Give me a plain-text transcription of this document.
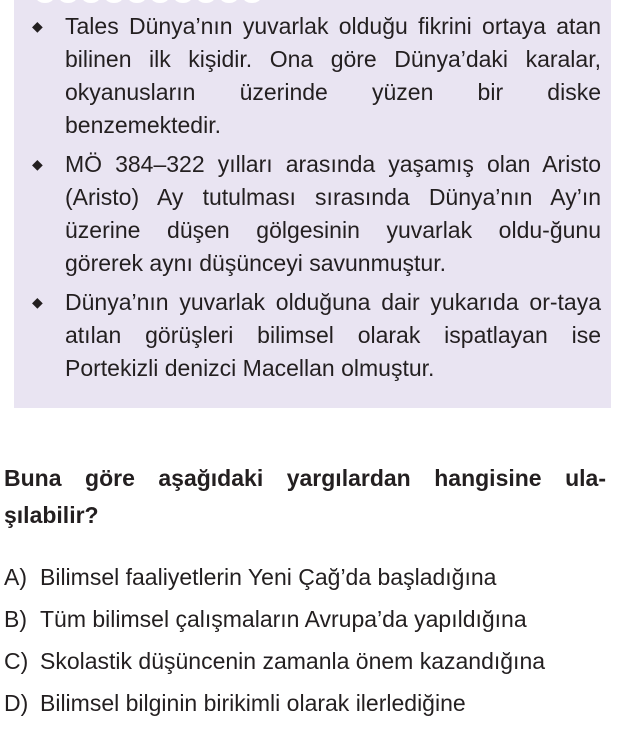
◆ Tales Dünya’nın yuvarlak olduğu fikrini ortaya atan bilinen ilk kişidir. Ona göre Dünya’daki karalar, okyanusların üzerinde yüzen bir diske benzemektedir.
◆ MÖ 384–322 yılları arasında yaşamış olan Aristo (Aristo) Ay tutulması sırasında Dünya’nın Ay’ın üzerine düşen gölgesinin yuvarlak oldu-ğunu görerek aynı düşünceyi savunmuştur.
◆ Dünya’nın yuvarlak olduğuna dair yukarıda or-taya atılan görüşleri bilimsel olarak ispatlayan ise Portekizli denizci Macellan olmuştur.
Buna göre aşağıdaki yargılardan hangisine ula-şılabilir?
A) Bilimsel faaliyetlerin Yeni Çağ’da başladığına
B) Tüm bilimsel çalışmaların Avrupa’da yapıldığına
C) Skolastik düşüncenin zamanla önem kazandığına
D) Bilimsel bilginin birikimli olarak ilerlediğine
